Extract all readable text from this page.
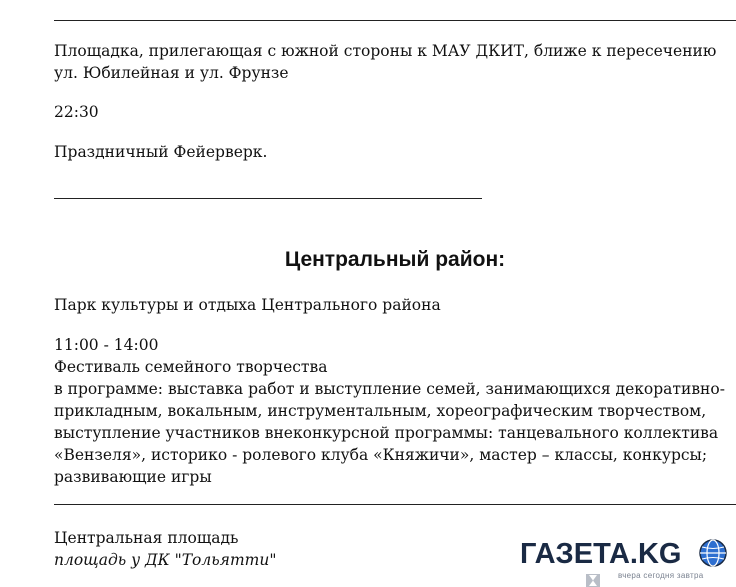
Площадка, прилегающая с южной стороны к МАУ ДКИТ, ближе к пересечению
ул. Юбилейная и ул. Фрунзе
22:30
Праздничный Фейерверк.
Центральный район:
Парк культуры и отдыха Центрального района
11:00 - 14:00
Фестиваль семейного творчества
в программе: выставка работ и выступление семей, занимающихся декоративно-
прикладным, вокальным, инструментальным, хореографическим творчеством,
выступление участников внеконкурсной программы: танцевального коллектива
«Вензеля», историко - ролевого клуба «Княжичи», мастер – классы, конкурсы;
развивающие игры
Центральная площадь
площадь у ДК "Тольятти"	ГАЗЕТА.KG
вчера сегодня завтра
